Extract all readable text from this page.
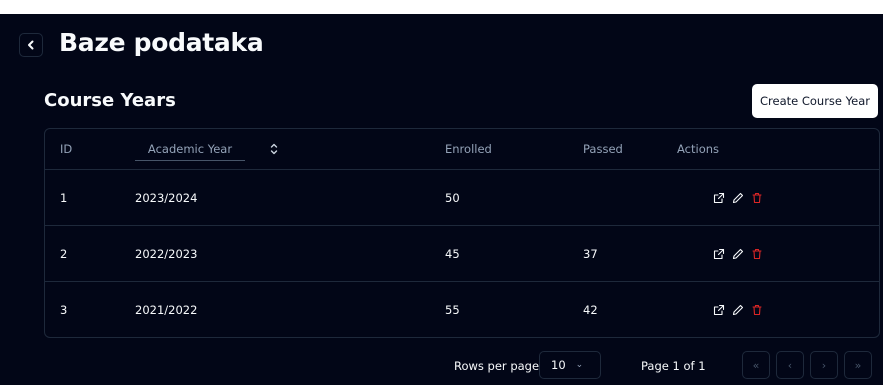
Baze podataka
Course Years	Create Course Year
ID	Academic Year	Enrolled	Passed	Actions
1	2023/2024	50
2	2022/2023	45	37
3	2021/2022	55	42
Rows per page 10 ⌄	Page 1 of 1	«	‹	›	»
